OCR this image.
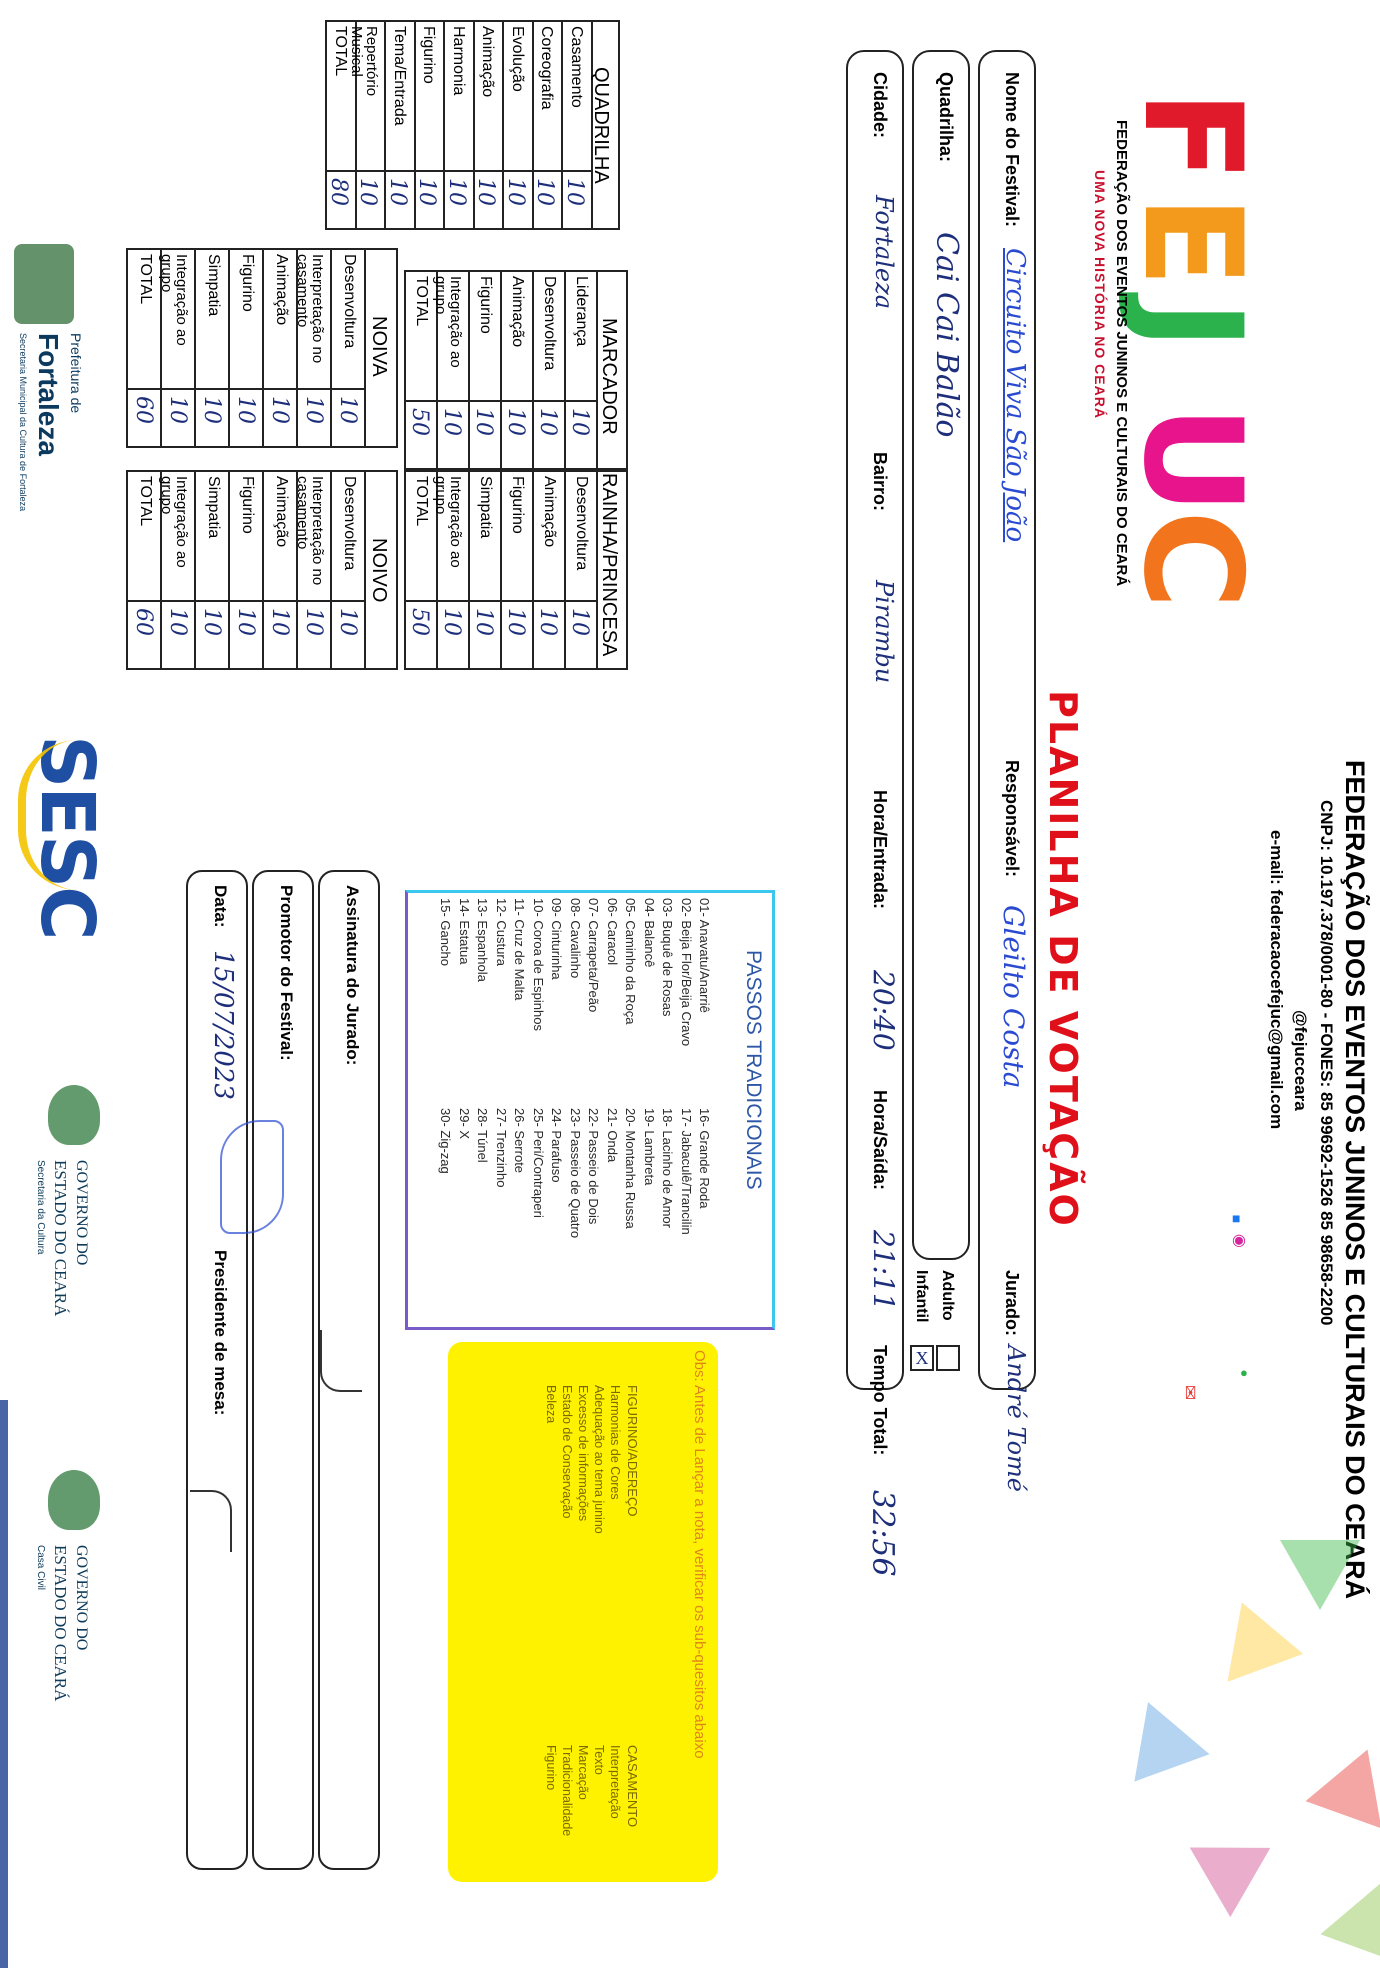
FEDERAÇÃO DOS EVENTOS JUNINOS E CULTURAIS DO CEARÁ
CNPJ: 10.197.378/0001-80 - FONES: 85 99692-1526 85 98658-2200
@fejucceara
e-mail: federacaocefejuc@gmail.com
✉
◉
■
●
PLANILHA DE VOTAÇÃO
F
E
J
U
C
FEDERAÇÃO DOS EVENTOS JUNINOS E CULTURAIS DO CEARÁ
UMA NOVA HISTÓRIA NO CEARÁ
Nome do Festival:
Circuito Viva São João
Responsável:
Gleilto Costa
Jurado:
André Tomé
Quadrilha:
Cai Cai Balão
Adulto
Infantil
X
Cidade:
Fortaleza
Bairro:
Pirambu
Hora/Entrada:
20:40
Hora/Saída:
21:11
Tempo Total:
32:56
QUADRILHA
Casamento
10
Coreografia
10
Evolução
10
Animação
10
Harmonia
10
Figurino
10
Tema/Entrada
10
Repertório
Musical
10
TOTAL
80
MARCADOR
Liderança
10
Desenvoltura
10
Animação
10
Figurino
10
Integração ao
grupo
10
TOTAL
50
RAINHA/PRINCESA
Desenvoltura
10
Animação
10
Figurino
10
Simpatia
10
Integração ao
grupo
10
TOTAL
50
NOIVA
Desenvoltura
10
Interpretação no
casamento
10
Animação
10
Figurino
10
Simpatia
10
Integração ao
grupo
10
TOTAL
60
NOIVO
Desenvoltura
10
Interpretação no
casamento
10
Animação
10
Figurino
10
Simpatia
10
Integração ao
grupo
10
TOTAL
60
PASSOS TRADICIONAIS
01- Anavatu/Anarriê
02- Beija Flor/Beija Cravo
03- Buquê de Rosas
04- Balancê
05- Caminho da Roça
06- Caracol
07- Carrapeta/Peão
08- Cavalinho
09- Cinturinha
10- Coroa de Espinhos
11- Cruz de Malta
12- Custura
13- Espanhola
14- Estatua
15- Gancho
16- Grande Roda
17- Jabaculê/Trancilin
18- Lacinho de Amor
19- Lambreta
20- Montanha Russa
21- Onda
22- Passeio de Dois
23- Passeio de Quatro
24- Parafuso
25- Peri/Contraperi
26- Serrote
27- Trenzinho
28- Túnel
29- X
30- Zig-zag
Obs: Antes de Lançar a nota, verificar os sub-quesitos abaixo
FIGURINO/ADEREÇO
Harmonias de Cores
Adequação ao tema junino
Excesso de informações
Estado de Conservação
Beleza
CASAMENTO
Interpretação
Texto
Marcação
Tradicionalidade
Figurino
Assinatura do Jurado:
Promotor do Festival:
Data:
15/07/2023
Presidente de mesa:
Prefeitura de
Fortaleza
Secretaria Municipal da Cultura de Fortaleza
SESC
GOVERNO DO
ESTADO DO CEARÁ
Secretaria da Cultura
GOVERNO DO
ESTADO DO CEARÁ
Casa Civil
